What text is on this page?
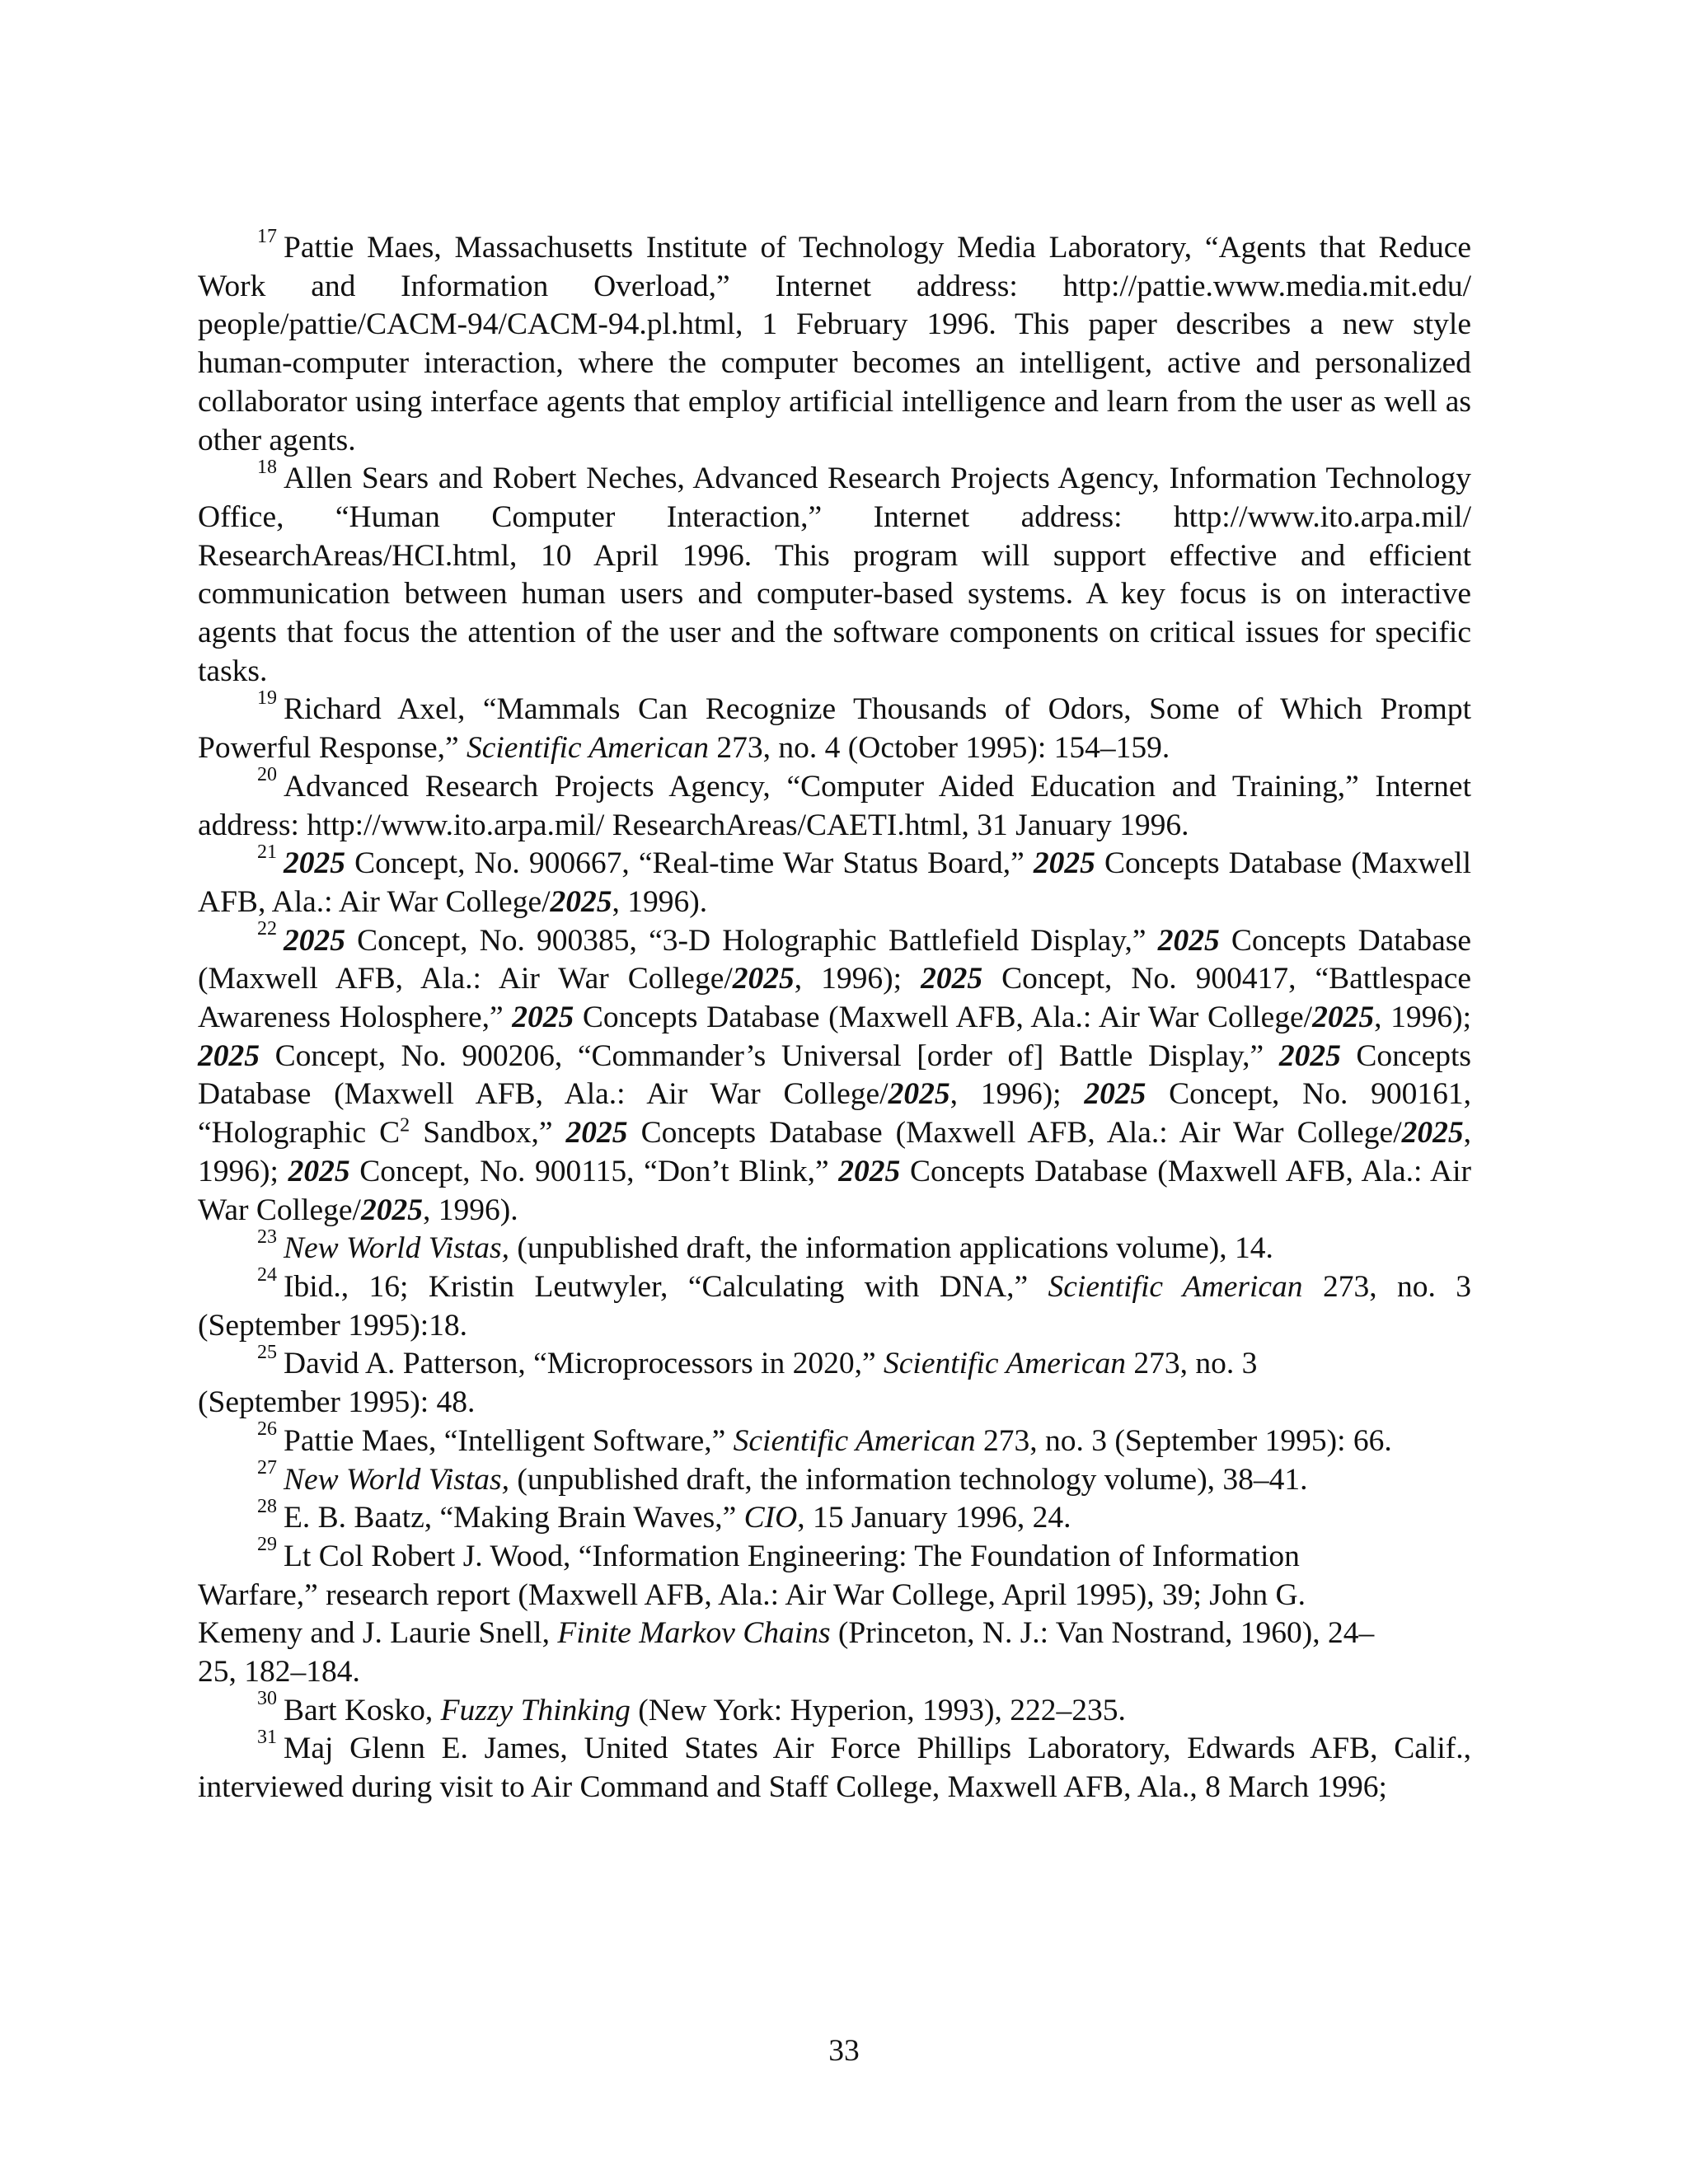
$^{17}$ Pattie Maes, Massachusetts Institute of Technology Media Laboratory, “Agents that Reduce Work and Information Overload,” Internet address: http://pattie.www.media.mit.edu/ people/pattie/CACM-94/CACM-94.pl.html, 1 February 1996. This paper describes a new style human-computer interaction, where the computer becomes an intelligent, active and personalized collaborator using interface agents that employ artificial intelligence and learn from the user as well as other agents.

$^{18}$ Allen Sears and Robert Neches, Advanced Research Projects Agency, Information Technology Office, “Human Computer Interaction,” Internet address: http://www.ito.arpa.mil/ ResearchAreas/HCI.html, 10 April 1996. This program will support effective and efficient communication between human users and computer-based systems. A key focus is on interactive agents that focus the attention of the user and the software components on critical issues for specific tasks.

$^{19}$ Richard Axel, “Mammals Can Recognize Thousands of Odors, Some of Which Prompt Powerful Response,” Scientific American 273, no. 4 (October 1995): 154–159.

$^{20}$ Advanced Research Projects Agency, “Computer Aided Education and Training,” Internet address: http://www.ito.arpa.mil/ ResearchAreas/CAETI.html, 31 January 1996.

$^{21}$ 2025 Concept, No. 900667, “Real-time War Status Board,” 2025 Concepts Database (Maxwell AFB, Ala.: Air War College/2025, 1996).

$^{22}$ 2025 Concept, No. 900385, “3-D Holographic Battlefield Display,” 2025 Concepts Database (Maxwell AFB, Ala.: Air War College/2025, 1996); 2025 Concept, No. 900417, “Battlespace Awareness Holosphere,” 2025 Concepts Database (Maxwell AFB, Ala.: Air War College/2025, 1996); 2025 Concept, No. 900206, “Commander’s Universal [order of] Battle Display,” 2025 Concepts Database (Maxwell AFB, Ala.: Air War College/2025, 1996); 2025 Concept, No. 900161, “Holographic $C^2$ Sandbox,” 2025 Concepts Database (Maxwell AFB, Ala.: Air War College/2025, 1996); 2025 Concept, No. 900115, “Don’t Blink,” 2025 Concepts Database (Maxwell AFB, Ala.: Air War College/2025, 1996).

$^{23}$ New World Vistas, (unpublished draft, the information applications volume), 14.

$^{24}$ Ibid., 16; Kristin Leutwyler, “Calculating with DNA,” Scientific American 273, no. 3 (September 1995):18.

$^{25}$ David A. Patterson, “Microprocessors in 2020,” Scientific American 273, no. 3
(September 1995): 48.

$^{26}$ Pattie Maes, “Intelligent Software,” Scientific American 273, no. 3 (September 1995): 66.

$^{27}$ New World Vistas, (unpublished draft, the information technology volume), 38–41.

$^{28}$ E. B. Baatz, “Making Brain Waves,” CIO, 15 January 1996, 24.

$^{29}$ Lt Col Robert J. Wood, “Information Engineering: The Foundation of Information
Warfare,” research report (Maxwell AFB, Ala.: Air War College, April 1995), 39; John G.
Kemeny and J. Laurie Snell, Finite Markov Chains (Princeton, N. J.: Van Nostrand, 1960), 24–
25, 182–184.

$^{30}$ Bart Kosko, Fuzzy Thinking (New York: Hyperion, 1993), 222–235.

$^{31}$ Maj Glenn E. James, United States Air Force Phillips Laboratory, Edwards AFB, Calif., interviewed during visit to Air Command and Staff College, Maxwell AFB, Ala., 8 March 1996;

33
